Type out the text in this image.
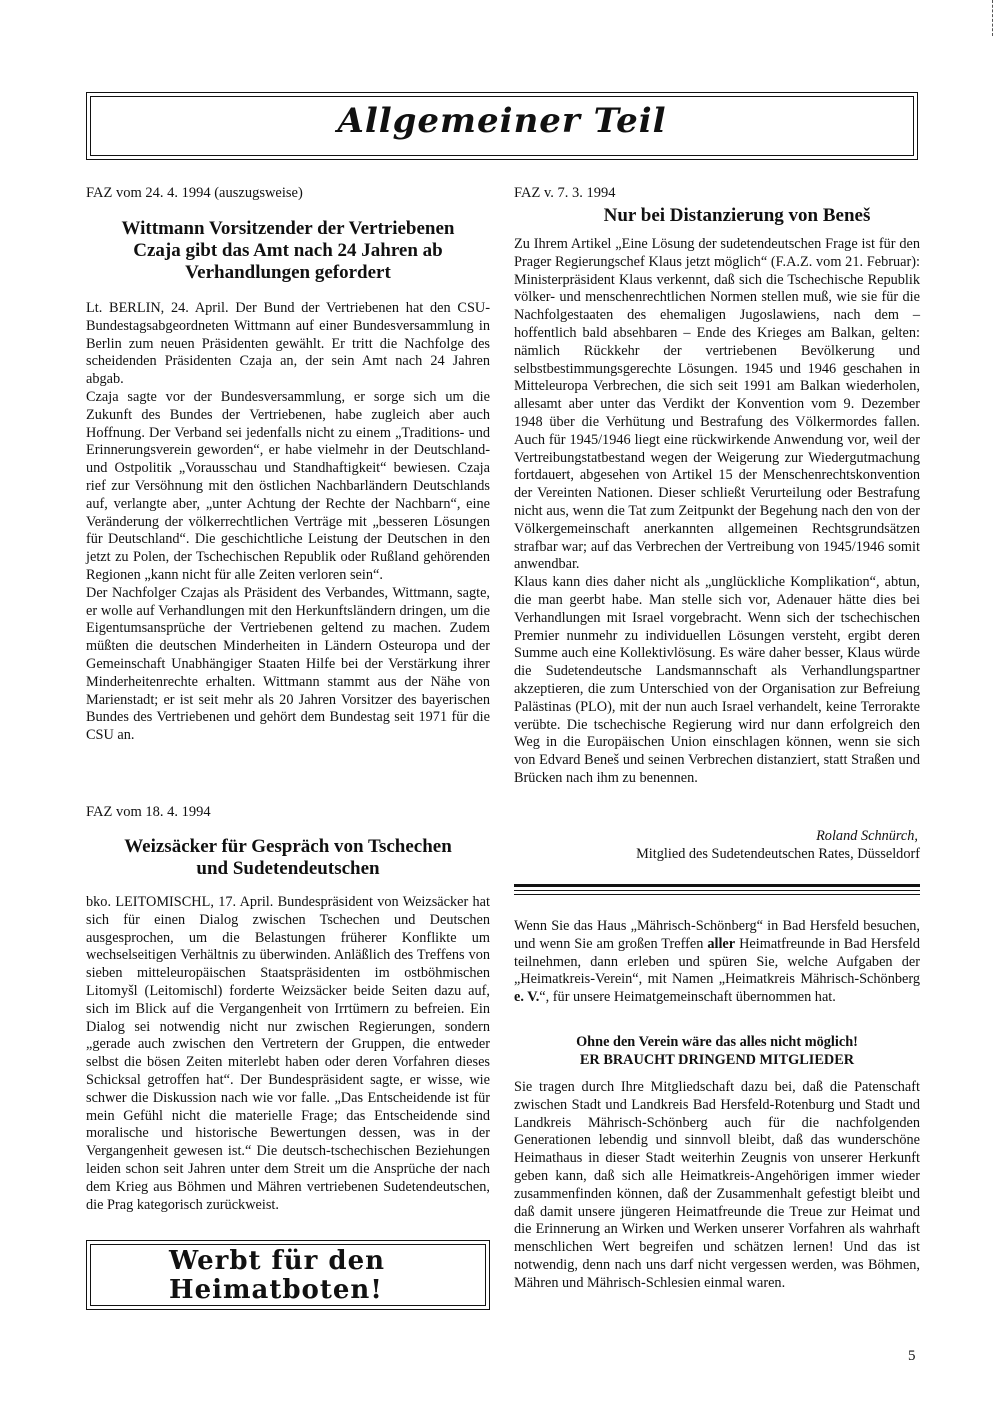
Allgemeiner Teil
FAZ vom 24. 4. 1994 (auszugsweise)
Wittmann Vorsitzender der Vertriebenen
Czaja gibt das Amt nach 24 Jahren ab
Verhandlungen gefordert

Lt. BERLIN, 24. April. Der Bund der Vertriebenen hat den CSU-Bundestagsabgeordneten Wittmann auf einer Bundesversammlung in Berlin zum neuen Präsidenten gewählt. Er tritt die Nachfolge des scheidenden Präsidenten Czaja an, der sein Amt nach 24 Jahren abgab.

Czaja sagte vor der Bundesversammlung, er sorge sich um die Zukunft des Bundes der Vertriebenen, habe zugleich aber auch Hoffnung. Der Verband sei jedenfalls nicht zu einem „Traditions- und Erinnerungsverein geworden“, er habe vielmehr in der Deutschland- und Ostpolitik „Vorausschau und Standhaftigkeit“ bewiesen. Czaja rief zur Versöhnung mit den östlichen Nachbarländern Deutschlands auf, verlangte aber, „unter Achtung der Rechte der Nachbarn“, eine Veränderung der völkerrechtlichen Verträge mit „besseren Lösungen für Deutschland“. Die geschichtliche Leistung der Deutschen in den jetzt zu Polen, der Tschechischen Republik oder Rußland gehörenden Regionen „kann nicht für alle Zeiten verloren sein“.

Der Nachfolger Czajas als Präsident des Verbandes, Wittmann, sagte, er wolle auf Verhandlungen mit den Herkunftsländern dringen, um die Eigentumsansprüche der Vertriebenen geltend zu machen. Zudem müßten die deutschen Minderheiten in Ländern Osteuropa und der Gemeinschaft Unabhängiger Staaten Hilfe bei der Verstärkung ihrer Minderheitenrechte erhalten. Wittmann stammt aus der Nähe von Marienstadt; er ist seit mehr als 20 Jahren Vorsitzer des bayerischen Bundes des Vertriebenen und gehört dem Bundestag seit 1971 für die CSU an.

FAZ vom 18. 4. 1994
Weizsäcker für Gespräch von Tschechen
und Sudetendeutschen

bko. LEITOMISCHL, 17. April. Bundespräsident von Weizsäcker hat sich für einen Dialog zwischen Tschechen und Deutschen ausgesprochen, um die Belastungen früherer Konflikte um wechselseitigen Verhältnis zu überwinden. Anläßlich des Treffens von sieben mitteleuropäischen Staatspräsidenten im ostböhmischen Litomyšl (Leitomischl) forderte Weizsäcker beide Seiten dazu auf, sich im Blick auf die Vergangenheit von Irrtümern zu befreien. Ein Dialog sei notwendig nicht nur zwischen Regierungen, sondern „gerade auch zwischen den Vertretern der Gruppen, die entweder selbst die bösen Zeiten miterlebt haben oder deren Vorfahren dieses Schicksal getroffen hat“. Der Bundespräsident sagte, er wisse, wie schwer die Diskussion nach wie vor falle. „Das Entscheidende ist für mein Gefühl nicht die materielle Frage; das Entscheidende sind moralische und historische Bewertungen dessen, was in der Vergangenheit gewesen ist.“ Die deutsch-tschechischen Beziehungen leiden schon seit Jahren unter dem Streit um die Ansprüche der nach dem Krieg aus Böhmen und Mähren vertriebenen Sudetendeutschen, die Prag kategorisch zurückweist.

Werbt für den
Heimatboten!
FAZ v. 7. 3. 1994
Nur bei Distanzierung von Beneš

Zu Ihrem Artikel „Eine Lösung der sudetendeutschen Frage ist für den Prager Regierungschef Klaus jetzt möglich“ (F.A.Z. vom 21. Februar): Ministerpräsident Klaus verkennt, daß sich die Tschechische Republik völker- und menschenrechtlichen Normen stellen muß, wie sie für die Nachfolgestaaten des ehemaligen Jugoslawiens, nach dem – hoffentlich bald absehbaren – Ende des Krieges am Balkan, gelten: nämlich Rückkehr der vertriebenen Bevölkerung und selbstbestimmungsgerechte Lösungen. 1945 und 1946 geschahen in Mitteleuropa Verbrechen, die sich seit 1991 am Balkan wiederholen, allesamt aber unter das Verdikt der Konvention vom 9. Dezember 1948 über die Verhütung und Bestrafung des Völkermordes fallen. Auch für 1945/1946 liegt eine rückwirkende Anwendung vor, weil der Vertreibungstatbestand wegen der Weigerung zur Wiedergutmachung fortdauert, abgesehen von Artikel 15 der Menschenrechtskonvention der Vereinten Nationen. Dieser schließt Verurteilung oder Bestrafung nicht aus, wenn die Tat zum Zeitpunkt der Begehung nach den von der Völkergemeinschaft anerkannten allgemeinen Rechtsgrundsätzen strafbar war; auf das Verbrechen der Vertreibung von 1945/1946 somit anwendbar.

Klaus kann dies daher nicht als „unglückliche Komplikation“, abtun, die man geerbt habe. Man stelle sich vor, Adenauer hätte dies bei Verhandlungen mit Israel vorgebracht. Wenn sich der tschechischen Premier nunmehr zu individuellen Lösungen versteht, ergibt deren Summe auch eine Kollektivlösung. Es wäre daher besser, Klaus würde die Sudetendeutsche Landsmannschaft als Verhandlungspartner akzeptieren, die zum Unterschied von der Organisation zur Befreiung Palästinas (PLO), mit der nun auch Israel verhandelt, keine Terrorakte verübte. Die tschechische Regierung wird nur dann erfolgreich den Weg in die Europäischen Union einschlagen können, wenn sie sich von Edvard Beneš und seinen Verbrechen distanziert, statt Straßen und Brücken nach ihm zu benennen.

Roland Schnürch,
Mitglied des Sudetendeutschen Rates, Düsseldorf
Wenn Sie das Haus „Mährisch-Schönberg“ in Bad Hersfeld besuchen, und wenn Sie am großen Treffen aller Heimatfreunde in Bad Hersfeld teilnehmen, dann erleben und spüren Sie, welche Aufgaben der „Heimatkreis-Verein“, mit Namen „Heimatkreis Mährisch-Schönberg e. V.“, für unsere Heimatgemeinschaft übernommen hat.
Ohne den Verein wäre das alles nicht möglich!
ER BRAUCHT DRINGEND MITGLIEDER
Sie tragen durch Ihre Mitgliedschaft dazu bei, daß die Patenschaft zwischen Stadt und Landkreis Bad Hersfeld-Rotenburg und Stadt und Landkreis Mährisch-Schönberg auch für die nachfolgenden Generationen lebendig und sinnvoll bleibt, daß das wunderschöne Heimathaus in dieser Stadt weiterhin Zeugnis von unserer Herkunft geben kann, daß sich alle Heimatkreis-Angehörigen immer wieder zusammenfinden können, daß der Zusammenhalt gefestigt bleibt und daß damit unsere jüngeren Heimatfreunde die Treue zur Heimat und die Erinnerung an Wirken und Werken unserer Vorfahren als wahrhaft menschlichen Wert begreifen und schätzen lernen! Und das ist notwendig, denn nach uns darf nicht vergessen werden, was Böhmen, Mähren und Mährisch-Schlesien einmal waren.
5
